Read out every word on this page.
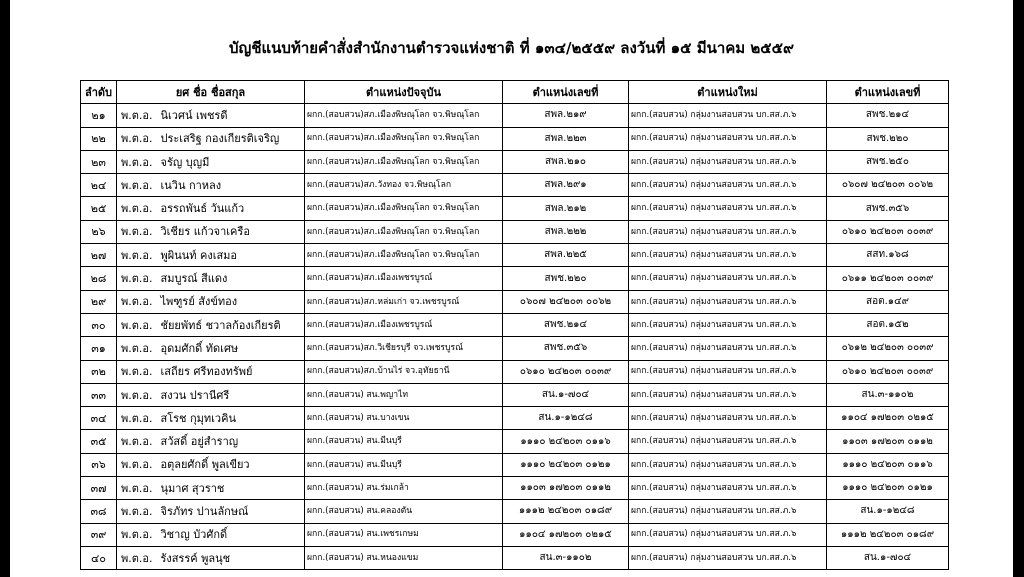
บัญชีแนบท้ายคำสั่งสำนักงานตำรวจแห่งชาติ ที่ ๑๓๔/๒๕๕๙ ลงวันที่ ๑๕ มีนาคม ๒๕๕๙
ลำดับ	ยศ ชื่อ ชื่อสกุล	ตำแหน่งปัจจุบัน	ตำแหน่งเลขที่	ตำแหน่งใหม่	ตำแหน่งเลขที่
๒๑	พ.ต.อ. นิเวศน์ เพชรดี	ผกก.(สอบสวน)สภ.เมืองพิษณุโลก จว.พิษณุโลก	สพล.๒๑๙	ผกก.(สอบสวน) กลุ่มงานสอบสวน บก.สส.ภ.๖	สพช.๒๑๔
๒๒	พ.ต.อ. ประเสริฐ กองเกียรติเจริญ	ผกก.(สอบสวน)สภ.เมืองพิษณุโลก จว.พิษณุโลก	สพล.๒๒๓	ผกก.(สอบสวน) กลุ่มงานสอบสวน บก.สส.ภ.๖	สพช.๒๒๐
๒๓	พ.ต.อ. จรัญ บุญมี	ผกก.(สอบสวน)สภ.เมืองพิษณุโลก จว.พิษณุโลก	สพล.๒๑๐	ผกก.(สอบสวน) กลุ่มงานสอบสวน บก.สส.ภ.๖	สพช.๒๕๐
๒๔	พ.ต.อ. เนวิน กาหลง	ผกก.(สอบสวน)สภ.วังทอง จว.พิษณุโลก	สพล.๒๙๑	ผกก.(สอบสวน) กลุ่มงานสอบสวน บก.สส.ภ.๖	๐๖๐๗ ๒๔๒๐๓ ๐๐๖๒
๒๕	พ.ต.อ. อรรถพันธ์ วันแก้ว	ผกก.(สอบสวน)สภ.เมืองพิษณุโลก จว.พิษณุโลก	สพล.๒๑๒	ผกก.(สอบสวน) กลุ่มงานสอบสวน บก.สส.ภ.๖	สพช.๓๕๖
๒๖	พ.ต.อ. วิเชียร แก้วจาเครือ	ผกก.(สอบสวน)สภ.เมืองพิษณุโลก จว.พิษณุโลก	สพล.๒๒๒	ผกก.(สอบสวน) กลุ่มงานสอบสวน บก.สส.ภ.๖	๐๖๑๐ ๒๔๒๐๓ ๐๐๓๙
๒๗	พ.ต.อ. พูผินนท์ คงเสมอ	ผกก.(สอบสวน)สภ.เมืองพิษณุโลก จว.พิษณุโลก	สพล.๒๒๕	ผกก.(สอบสวน) กลุ่มงานสอบสวน บก.สส.ภ.๖	สสท.๑๖๘
๒๘	พ.ต.อ. สมบูรณ์ สีแดง	ผกก.(สอบสวน)สภ.เมืองเพชรบูรณ์	สพช.๒๒๐	ผกก.(สอบสวน) กลุ่มงานสอบสวน บก.สส.ภ.๖	๐๖๑๑ ๒๔๒๐๓ ๐๐๓๙
๒๙	พ.ต.อ. ไพฑูรย์ สังข์ทอง	ผกก.(สอบสวน)สภ.หล่มเก่า จว.เพชรบูรณ์	๐๖๐๗ ๒๔๒๐๓ ๐๐๖๒	ผกก.(สอบสวน) กลุ่มงานสอบสวน บก.สส.ภ.๖	สอต.๑๔๙
๓๐	พ.ต.อ. ชัยยพัทธ์ ชวาลก้องเกียรติ	ผกก.(สอบสวน)สภ.เมืองเพชรบูรณ์	สพช.๒๑๔	ผกก.(สอบสวน) กลุ่มงานสอบสวน บก.สส.ภ.๖	สอต.๑๕๒
๓๑	พ.ต.อ. อุดมศักดิ์ ทัดเศษ	ผกก.(สอบสวน)สภ.วิเชียรบุรี จว.เพชรบูรณ์	สพช.๓๕๖	ผกก.(สอบสวน) กลุ่มงานสอบสวน บก.สส.ภ.๖	๐๖๑๒ ๒๔๒๐๓ ๐๐๓๙
๓๒	พ.ต.อ. เสถียร ศรีทองทรัพย์	ผกก.(สอบสวน)สภ.บ้านไร่ จว.อุทัยธานี	๐๖๑๐ ๒๔๒๐๓ ๐๐๓๙	ผกก.(สอบสวน) กลุ่มงานสอบสวน บก.สส.ภ.๖	๐๖๑๐ ๒๔๒๐๓ ๐๐๓๙
๓๓	พ.ต.อ. สงวน ปรานีศรี	ผกก.(สอบสวน) สน.พญาไท	สน.๑-๗๐๔	ผกก.(สอบสวน) กลุ่มงานสอบสวน บก.สส.ภ.๖	สน.๓-๑๑๐๒
๓๔	พ.ต.อ. สโรช กุมุทเวคิน	ผกก.(สอบสวน) สน.บางเขน	สน.๑-๑๒๔๘	ผกก.(สอบสวน) กลุ่มงานสอบสวน บก.สส.ภ.๖	๑๑๐๔ ๑๗๒๐๓ ๐๒๑๕
๓๕	พ.ต.อ. สวัสดิ์ อยู่สำราญ	ผกก.(สอบสวน) สน.มีนบุรี	๑๑๑๐ ๒๔๒๐๓ ๐๑๑๖	ผกก.(สอบสวน) กลุ่มงานสอบสวน บก.สส.ภ.๖	๑๑๐๓ ๑๗๒๐๓ ๐๑๑๒
๓๖	พ.ต.อ. อตุลยศักดิ์ พูลเขียว	ผกก.(สอบสวน) สน.มีนบุรี	๑๑๑๐ ๒๔๒๐๓ ๐๑๒๑	ผกก.(สอบสวน) กลุ่มงานสอบสวน บก.สส.ภ.๖	๑๑๑๐ ๒๔๒๐๓ ๐๑๑๖
๓๗	พ.ต.อ. นุมาศ สุวราช	ผกก.(สอบสวน) สน.ร่มเกล้า	๑๑๐๓ ๑๗๒๐๓ ๐๑๑๒	ผกก.(สอบสวน) กลุ่มงานสอบสวน บก.สส.ภ.๖	๑๑๑๐ ๒๔๒๐๓ ๐๑๒๑
๓๘	พ.ต.อ. จิรภัทร ปานลักษณ์	ผกก.(สอบสวน) สน.คลองตัน	๑๑๑๒ ๒๔๒๐๓ ๐๑๘๙	ผกก.(สอบสวน) กลุ่มงานสอบสวน บก.สส.ภ.๖	สน.๑-๑๒๔๘
๓๙	พ.ต.อ. วิชาญ บัวศักดิ์	ผกก.(สอบสวน) สน.เพชรเกษม	๑๑๐๔ ๑๗๒๐๓ ๐๒๑๕	ผกก.(สอบสวน) กลุ่มงานสอบสวน บก.สส.ภ.๖	๑๑๑๒ ๒๔๒๐๓ ๐๑๘๙
๔๐	พ.ต.อ. รังสรรค์ พูลนุช	ผกก.(สอบสวน) สน.หนองแขม	สน.๓-๑๑๐๒	ผกก.(สอบสวน) กลุ่มงานสอบสวน บก.สส.ภ.๖	สน.๑-๗๐๔
